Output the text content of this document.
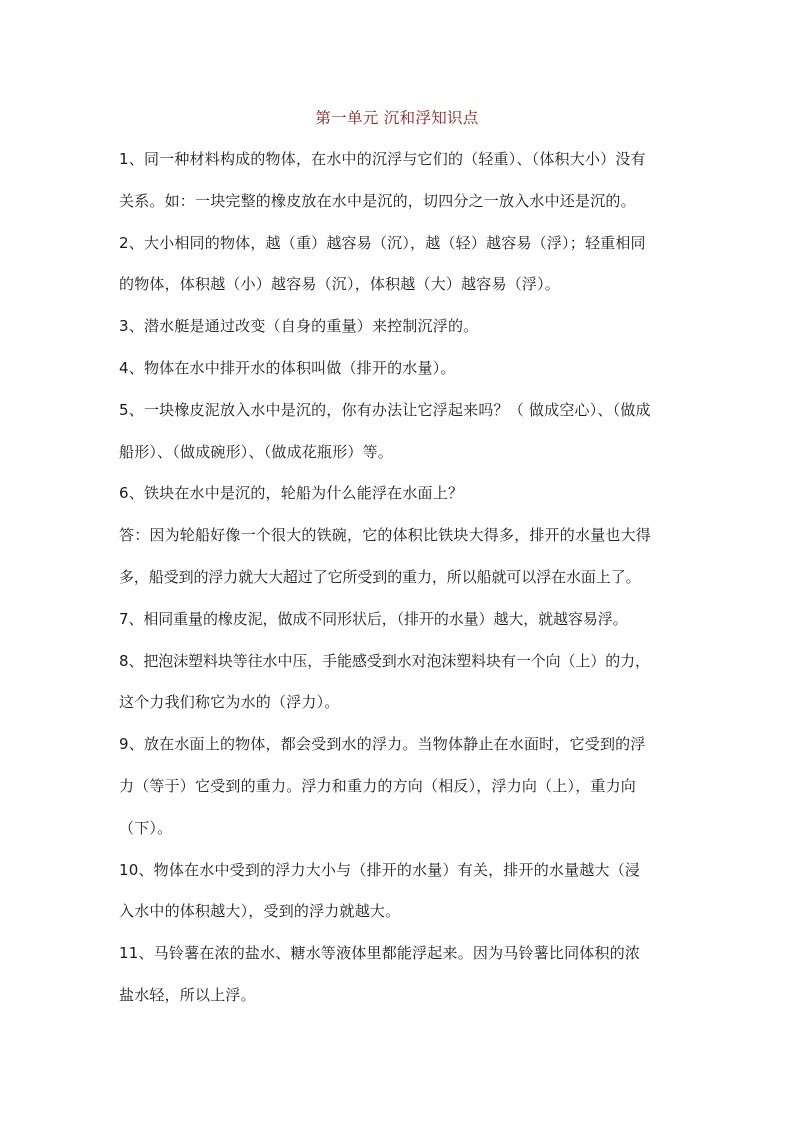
第一单元 沉和浮知识点
1、同一种材料构成的物体，在水中的沉浮与它们的（轻重）、（体积大小）没有
关系。如：一块完整的橡皮放在水中是沉的，切四分之一放入水中还是沉的。
2、大小相同的物体，越（重）越容易（沉），越（轻）越容易（浮）；轻重相同
的物体，体积越（小）越容易（沉），体积越（大）越容易（浮）。
3、潜水艇是通过改变（自身的重量）来控制沉浮的。
4、物体在水中排开水的体积叫做（排开的水量）。
5、一块橡皮泥放入水中是沉的，你有办法让它浮起来吗？（ 做成空心）、（做成
船形）、（做成碗形）、（做成花瓶形）等。
6、铁块在水中是沉的，轮船为什么能浮在水面上？
答：因为轮船好像一个很大的铁碗，它的体积比铁块大得多，排开的水量也大得
多，船受到的浮力就大大超过了它所受到的重力，所以船就可以浮在水面上了。
7、相同重量的橡皮泥，做成不同形状后，（排开的水量）越大，就越容易浮。
8、把泡沫塑料块等往水中压，手能感受到水对泡沫塑料块有一个向（上）的力，
这个力我们称它为水的（浮力）。
9、放在水面上的物体，都会受到水的浮力。当物体静止在水面时，它受到的浮
力（等于）它受到的重力。浮力和重力的方向（相反），浮力向（上），重力向
（下）。
10、物体在水中受到的浮力大小与（排开的水量）有关，排开的水量越大（浸
入水中的体积越大），受到的浮力就越大。
11、马铃薯在浓的盐水、糖水等液体里都能浮起来。因为马铃薯比同体积的浓
盐水轻，所以上浮。
